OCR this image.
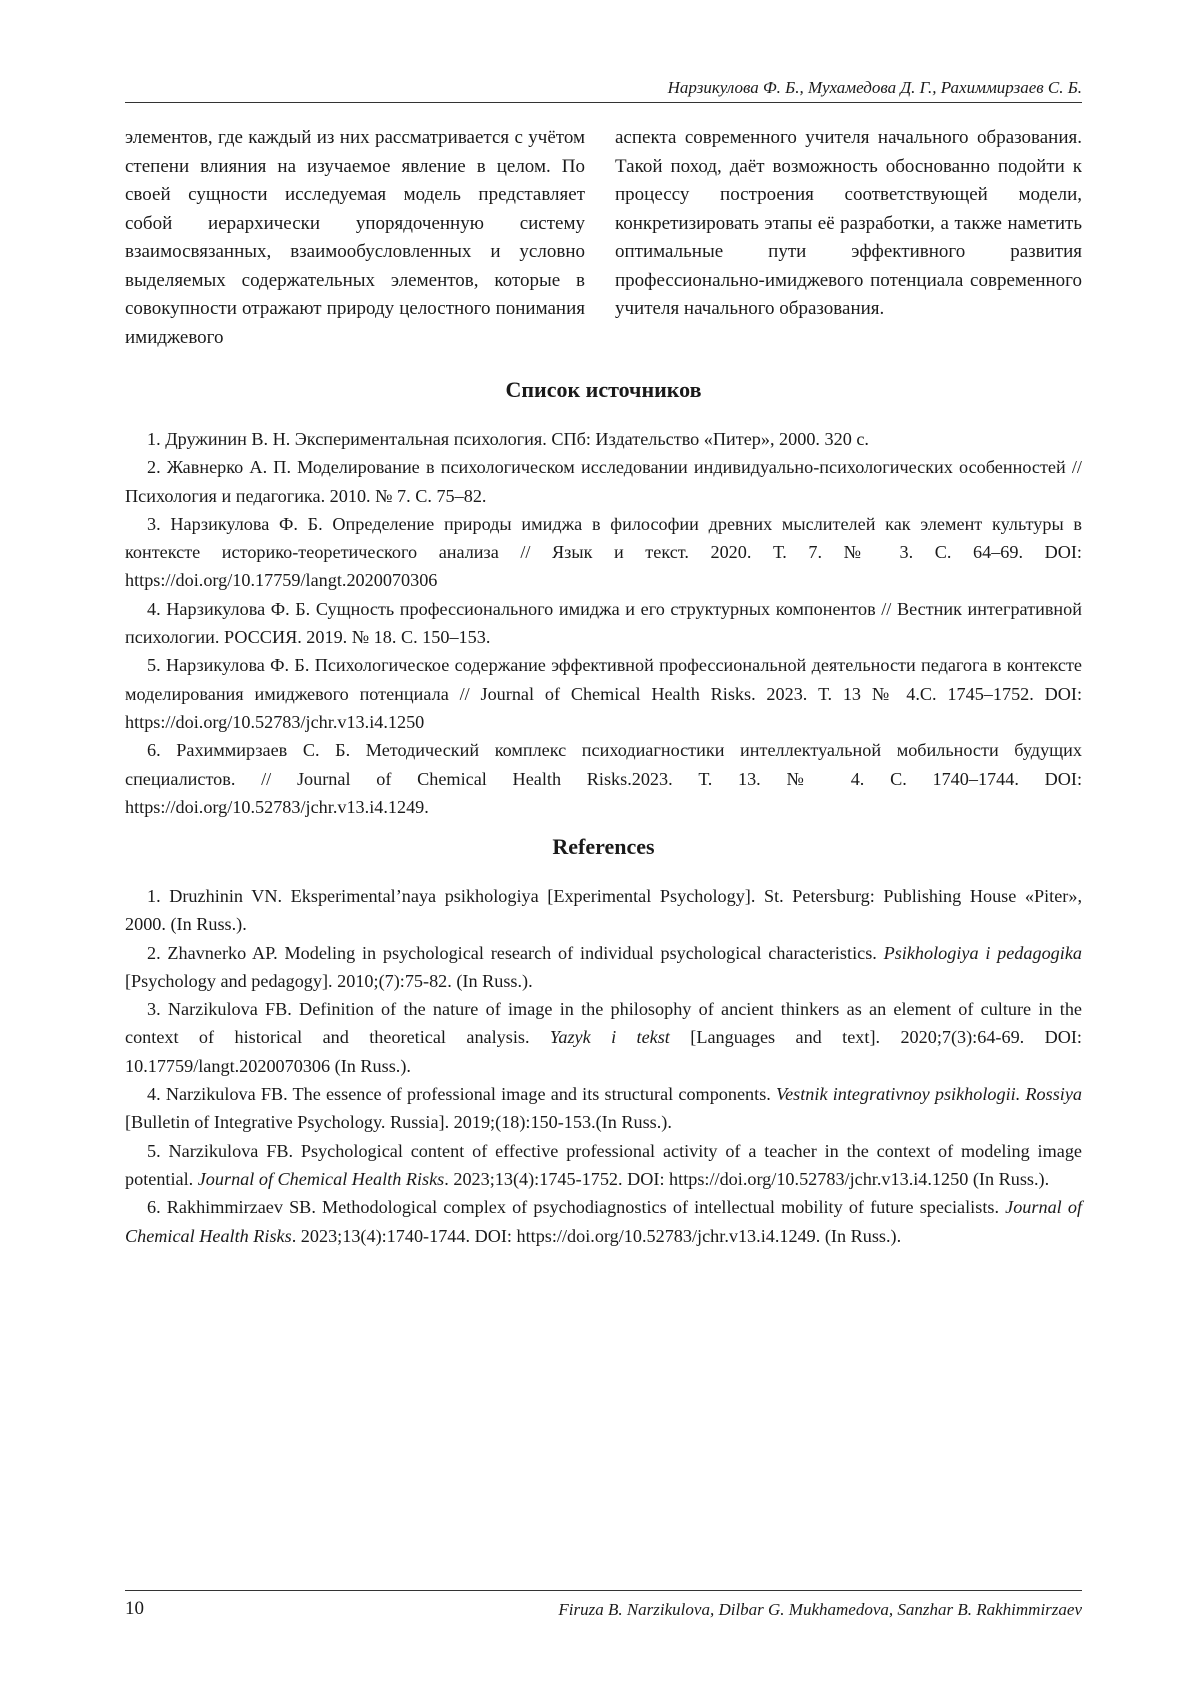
Нарзикулова Ф. Б., Мухамедова Д. Г., Рахиммирзаев С. Б.
элементов, где каждый из них рассматривается с учётом степени влияния на изучаемое явление в целом. По своей сущности исследуемая модель представляет собой иерархически упорядоченную систему взаимосвязанных, взаимообусловленных и условно выделяемых содержательных элементов, которые в совокупности отражают природу целостного понимания имиджевого
аспекта современного учителя начального образования. Такой поход, даёт возможность обоснованно подойти к процессу построения соответствующей модели, конкретизировать этапы её разработки, а также наметить оптимальные пути эффективного развития профессионально-имиджевого потенциала современного учителя начального образования.
Список источников

1. Дружинин В. Н. Экспериментальная психология. СПб: Издательство «Питер», 2000. 320 с.

2. Жавнерко А. П. Моделирование в психологическом исследовании индивидуально-психологических особенностей // Психология и педагогика. 2010. № 7. С. 75–82.

3. Нарзикулова Ф. Б. Определение природы имиджа в философии древних мыслителей как элемент культуры в контексте историко-теоретического анализа // Язык и текст. 2020. Т. 7. № 3. С. 64–69. DOI: https://doi.org/10.17759/langt.2020070306

4. Нарзикулова Ф. Б. Сущность профессионального имиджа и его структурных компонентов // Вестник интегративной психологии. РОССИЯ. 2019. № 18. С. 150–153.

5. Нарзикулова Ф. Б. Психологическое содержание эффективной профессиональной деятельности педагога в контексте моделирования имиджевого потенциала // Journal of Chemical Health Risks. 2023. Т. 13 № 4.С. 1745–1752. DOI: https://doi.org/10.52783/jchr.v13.i4.1250

6. Рахиммирзаев С. Б. Методический комплекс психодиагностики интеллектуальной мобильности будущих специалистов. // Journal of Chemical Health Risks.2023. Т. 13. № 4. С. 1740–1744. DOI: https://doi.org/10.52783/jchr.v13.i4.1249.

References

1. Druzhinin VN. Eksperimental’naya psikhologiya [Experimental Psychology]. St. Petersburg: Publishing House «Piter», 2000. (In Russ.).

2. Zhavnerko AP. Modeling in psychological research of individual psychological characteristics. Psikhologiya i pedagogika [Psychology and pedagogy]. 2010;(7):75-82. (In Russ.).

3. Narzikulova FB. Definition of the nature of image in the philosophy of ancient thinkers as an element of culture in the context of historical and theoretical analysis. Yazyk i tekst [Languages and text]. 2020;7(3):64-69. DOI: 10.17759/langt.2020070306 (In Russ.).

4. Narzikulova FB. The essence of professional image and its structural components. Vestnik integrativnoy psikhologii. Rossiya [Bulletin of Integrative Psychology. Russia]. 2019;(18):150-153.(In Russ.).

5. Narzikulova FB. Psychological content of effective professional activity of a teacher in the context of modeling image potential. Journal of Chemical Health Risks. 2023;13(4):1745-1752. DOI: https://doi.org/10.52783/jchr.v13.i4.1250 (In Russ.).

6. Rakhimmirzaev SB. Methodological complex of psychodiagnostics of intellectual mobility of future specialists. Journal of Chemical Health Risks. 2023;13(4):1740-1744. DOI: https://doi.org/10.52783/jchr.v13.i4.1249. (In Russ.).

10	Firuza B. Narzikulova, Dilbar G. Mukhamedova, Sanzhar B. Rakhimmirzaev
